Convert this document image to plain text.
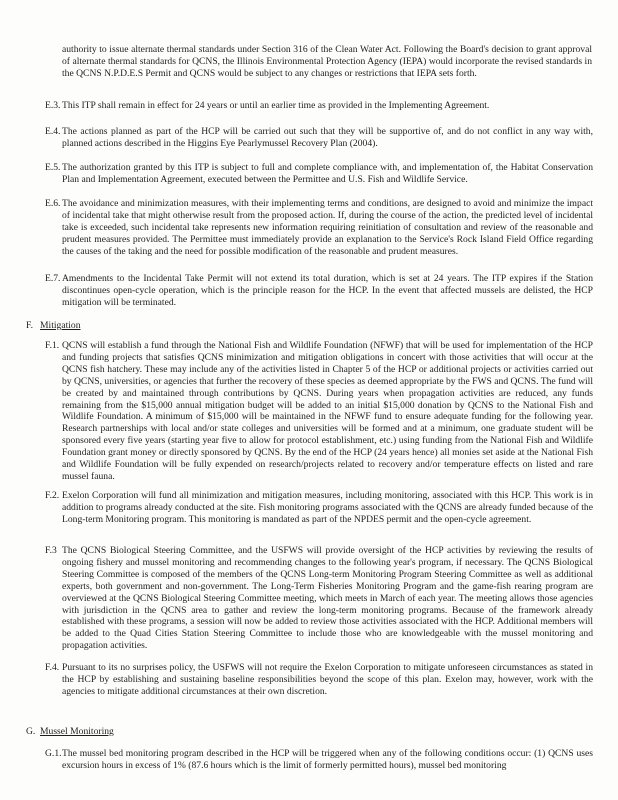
authority to issue alternate thermal standards under Section 316 of the Clean Water Act. Following the Board's decision to grant approval of alternate thermal standards for QCNS, the Illinois Environmental Protection Agency (IEPA) would incorporate the revised standards in the QCNS N.P.D.E.S Permit and QCNS would be subject to any changes or restrictions that IEPA sets forth.
E.3. This ITP shall remain in effect for 24 years or until an earlier time as provided in the Implementing Agreement.
E.4. The actions planned as part of the HCP will be carried out such that they will be supportive of, and do not conflict in any way with, planned actions described in the Higgins Eye Pearlymussel Recovery Plan (2004).
E.5. The authorization granted by this ITP is subject to full and complete compliance with, and implementation of, the Habitat Conservation Plan and Implementation Agreement, executed between the Permittee and U.S. Fish and Wildlife Service.
E.6. The avoidance and minimization measures, with their implementing terms and conditions, are designed to avoid and minimize the impact of incidental take that might otherwise result from the proposed action. If, during the course of the action, the predicted level of incidental take is exceeded, such incidental take represents new information requiring reinitiation of consultation and review of the reasonable and prudent measures provided. The Permittee must immediately provide an explanation to the Service's Rock Island Field Office regarding the causes of the taking and the need for possible modification of the reasonable and prudent measures.
E.7. Amendments to the Incidental Take Permit will not extend its total duration, which is set at 24 years. The ITP expires if the Station discontinues open-cycle operation, which is the principle reason for the HCP. In the event that affected mussels are delisted, the HCP mitigation will be terminated.
F. Mitigation
F.1. QCNS will establish a fund through the National Fish and Wildlife Foundation (NFWF) that will be used for implementation of the HCP and funding projects that satisfies QCNS minimization and mitigation obligations in concert with those activities that will occur at the QCNS fish hatchery. These may include any of the activities listed in Chapter 5 of the HCP or additional projects or activities carried out by QCNS, universities, or agencies that further the recovery of these species as deemed appropriate by the FWS and QCNS. The fund will be created by and maintained through contributions by QCNS. During years when propagation activities are reduced, any funds remaining from the $15,000 annual mitigation budget will be added to an initial $15,000 donation by QCNS to the National Fish and Wildlife Foundation. A minimum of $15,000 will be maintained in the NFWF fund to ensure adequate funding for the following year. Research partnerships with local and/or state colleges and universities will be formed and at a minimum, one graduate student will be sponsored every five years (starting year five to allow for protocol establishment, etc.) using funding from the National Fish and Wildlife Foundation grant money or directly sponsored by QCNS. By the end of the HCP (24 years hence) all monies set aside at the National Fish and Wildlife Foundation will be fully expended on research/projects related to recovery and/or temperature effects on listed and rare mussel fauna.
F.2. Exelon Corporation will fund all minimization and mitigation measures, including monitoring, associated with this HCP. This work is in addition to programs already conducted at the site. Fish monitoring programs associated with the QCNS are already funded because of the Long-term Monitoring program. This monitoring is mandated as part of the NPDES permit and the open-cycle agreement.
F.3 The QCNS Biological Steering Committee, and the USFWS will provide oversight of the HCP activities by reviewing the results of ongoing fishery and mussel monitoring and recommending changes to the following year's program, if necessary. The QCNS Biological Steering Committee is composed of the members of the QCNS Long-term Monitoring Program Steering Committee as well as additional experts, both government and non-government. The Long-Term Fisheries Monitoring Program and the game-fish rearing program are overviewed at the QCNS Biological Steering Committee meeting, which meets in March of each year. The meeting allows those agencies with jurisdiction in the QCNS area to gather and review the long-term monitoring programs. Because of the framework already established with these programs, a session will now be added to review those activities associated with the HCP. Additional members will be added to the Quad Cities Station Steering Committee to include those who are knowledgeable with the mussel monitoring and propagation activities.
F.4. Pursuant to its no surprises policy, the USFWS will not require the Exelon Corporation to mitigate unforeseen circumstances as stated in the HCP by establishing and sustaining baseline responsibilities beyond the scope of this plan. Exelon may, however, work with the agencies to mitigate additional circumstances at their own discretion.
G. Mussel Monitoring
G.1. The mussel bed monitoring program described in the HCP will be triggered when any of the following conditions occur: (1) QCNS uses excursion hours in excess of 1% (87.6 hours which is the limit of formerly permitted hours), mussel bed monitoring
